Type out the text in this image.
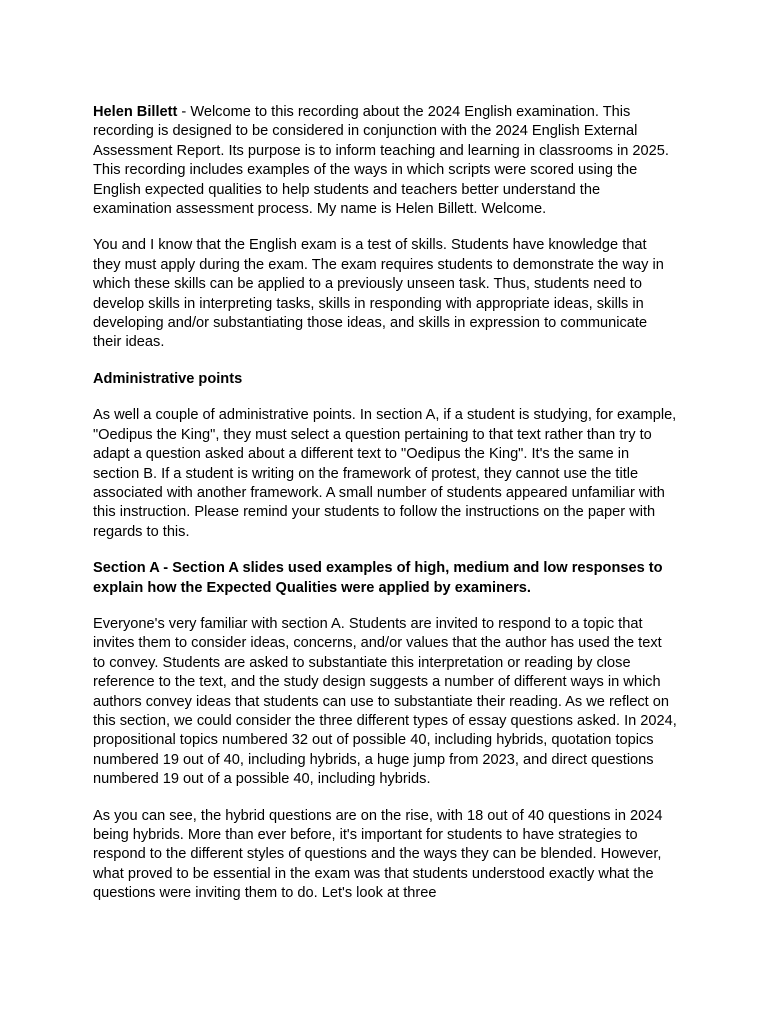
Helen Billett - Welcome to this recording about the 2024 English examination. This recording is designed to be considered in conjunction with the 2024 English External Assessment Report. Its purpose is to inform teaching and learning in classrooms in 2025. This recording includes examples of the ways in which scripts were scored using the English expected qualities to help students and teachers better understand the examination assessment process. My name is Helen Billett. Welcome.

You and I know that the English exam is a test of skills. Students have knowledge that they must apply during the exam. The exam requires students to demonstrate the way in which these skills can be applied to a previously unseen task. Thus, students need to develop skills in interpreting tasks, skills in responding with appropriate ideas, skills in developing and/or substantiating those ideas, and skills in expression to communicate their ideas.

Administrative points

As well a couple of administrative points. In section A, if a student is studying, for example, "Oedipus the King", they must select a question pertaining to that text rather than try to adapt a question asked about a different text to "Oedipus the King". It's the same in section B. If a student is writing on the framework of protest, they cannot use the title associated with another framework. A small number of students appeared unfamiliar with this instruction. Please remind your students to follow the instructions on the paper with regards to this.

Section A - Section A slides used examples of high, medium and low responses to explain how the Expected Qualities were applied by examiners.

Everyone's very familiar with section A. Students are invited to respond to a topic that invites them to consider ideas, concerns, and/or values that the author has used the text to convey. Students are asked to substantiate this interpretation or reading by close reference to the text, and the study design suggests a number of different ways in which authors convey ideas that students can use to substantiate their reading. As we reflect on this section, we could consider the three different types of essay questions asked. In 2024, propositional topics numbered 32 out of possible 40, including hybrids, quotation topics numbered 19 out of 40, including hybrids, a huge jump from 2023, and direct questions numbered 19 out of a possible 40, including hybrids.

As you can see, the hybrid questions are on the rise, with 18 out of 40 questions in 2024 being hybrids. More than ever before, it's important for students to have strategies to respond to the different styles of questions and the ways they can be blended. However, what proved to be essential in the exam was that students understood exactly what the questions were inviting them to do. Let's look at three
